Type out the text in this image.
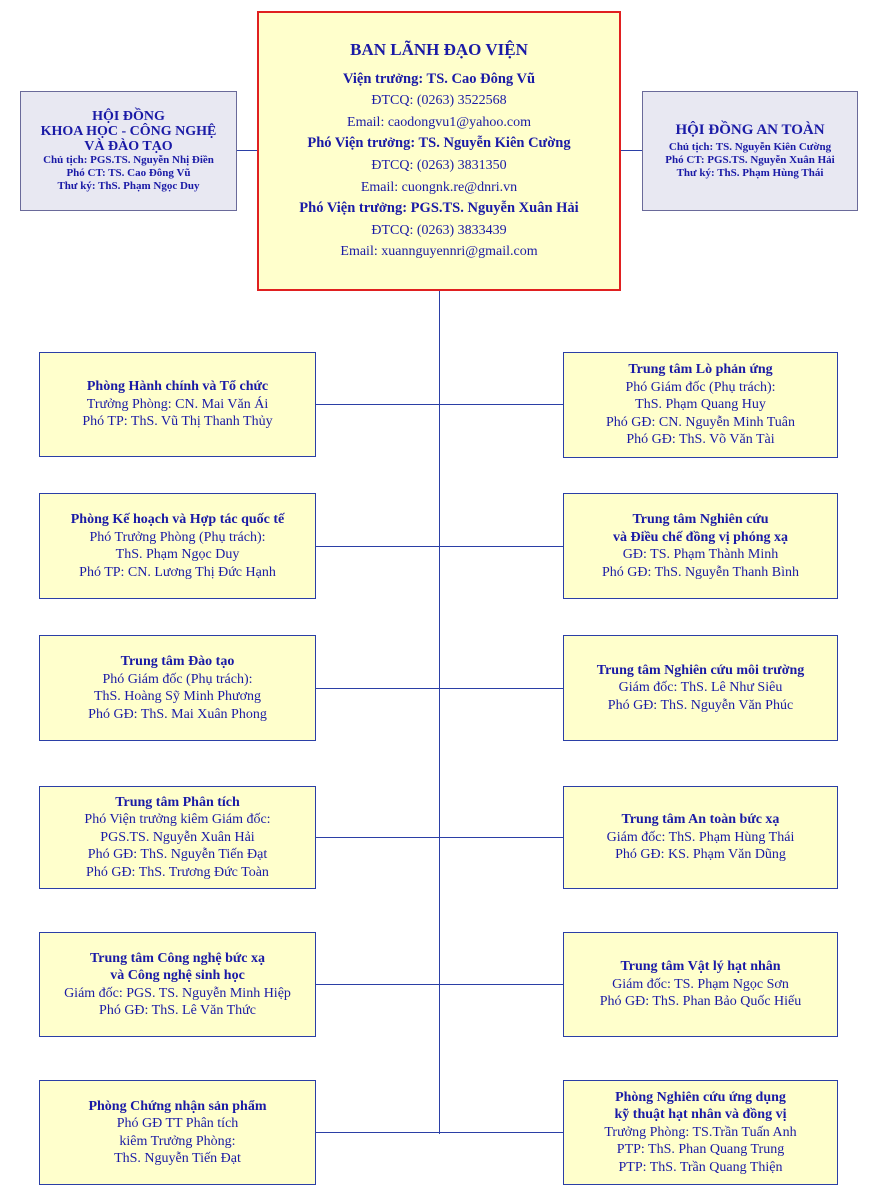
BAN LÃNH ĐẠO VIỆN
Viện trưởng: TS. Cao Đông Vũ
ĐTCQ: (0263) 3522568
Email: caodongvu1@yahoo.com
Phó Viện trưởng: TS. Nguyễn Kiên Cường
ĐTCQ: (0263) 3831350
Email: cuongnk.re@dnri.vn
Phó Viện trưởng: PGS.TS. Nguyễn Xuân Hải
ĐTCQ: (0263) 3833439
Email: xuannguyennri@gmail.com
HỘI ĐỒNG
KHOA HỌC - CÔNG NGHỆ
VÀ ĐÀO TẠO
Chủ tịch: PGS.TS. Nguyễn Nhị Điền
Phó CT: TS. Cao Đông Vũ
Thư ký: ThS. Phạm Ngọc Duy
HỘI ĐỒNG AN TOÀN
Chủ tịch: TS. Nguyễn Kiên Cường
Phó CT: PGS.TS. Nguyễn Xuân Hải
Thư ký: ThS. Phạm Hùng Thái
Phòng Hành chính và Tổ chức
Trưởng Phòng: CN. Mai Văn Ái
Phó TP: ThS. Vũ Thị Thanh Thủy
Phòng Kế hoạch và Hợp tác quốc tế
Phó Trưởng Phòng (Phụ trách):
ThS. Phạm Ngọc Duy
Phó TP: CN. Lương Thị Đức Hạnh
Trung tâm Đào tạo
Phó Giám đốc (Phụ trách):
ThS. Hoàng Sỹ Minh Phương
Phó GĐ: ThS. Mai Xuân Phong
Trung tâm Phân tích
Phó Viện trưởng kiêm Giám đốc:
PGS.TS. Nguyễn Xuân Hải
Phó GĐ: ThS. Nguyễn Tiến Đạt
Phó GĐ: ThS. Trương Đức Toàn
Trung tâm Công nghệ bức xạ
và Công nghệ sinh học
Giám đốc: PGS. TS. Nguyễn Minh Hiệp
Phó GĐ: ThS. Lê Văn Thức
Phòng Chứng nhận sản phẩm
Phó GĐ TT Phân tích
kiêm Trưởng Phòng:
ThS. Nguyễn Tiến Đạt
Trung tâm Lò phản ứng
Phó Giám đốc (Phụ trách):
ThS. Phạm Quang Huy
Phó GĐ: CN. Nguyễn Minh Tuân
Phó GĐ: ThS. Võ Văn Tài
Trung tâm Nghiên cứu
và Điều chế đồng vị phóng xạ
GĐ: TS. Phạm Thành Minh
Phó GĐ: ThS. Nguyễn Thanh Bình
Trung tâm Nghiên cứu môi trường
Giám đốc: ThS. Lê Như Siêu
Phó GĐ: ThS. Nguyễn Văn Phúc
Trung tâm An toàn bức xạ
Giám đốc: ThS. Phạm Hùng Thái
Phó GĐ: KS. Phạm Văn Dũng
Trung tâm Vật lý hạt nhân
Giám đốc: TS. Phạm Ngọc Sơn
Phó GĐ: ThS. Phan Bảo Quốc Hiếu
Phòng Nghiên cứu ứng dụng
kỹ thuật hạt nhân và đồng vị
Trưởng Phòng: TS.Trần Tuấn Anh
PTP: ThS. Phan Quang Trung
PTP: ThS. Trần Quang Thiện
